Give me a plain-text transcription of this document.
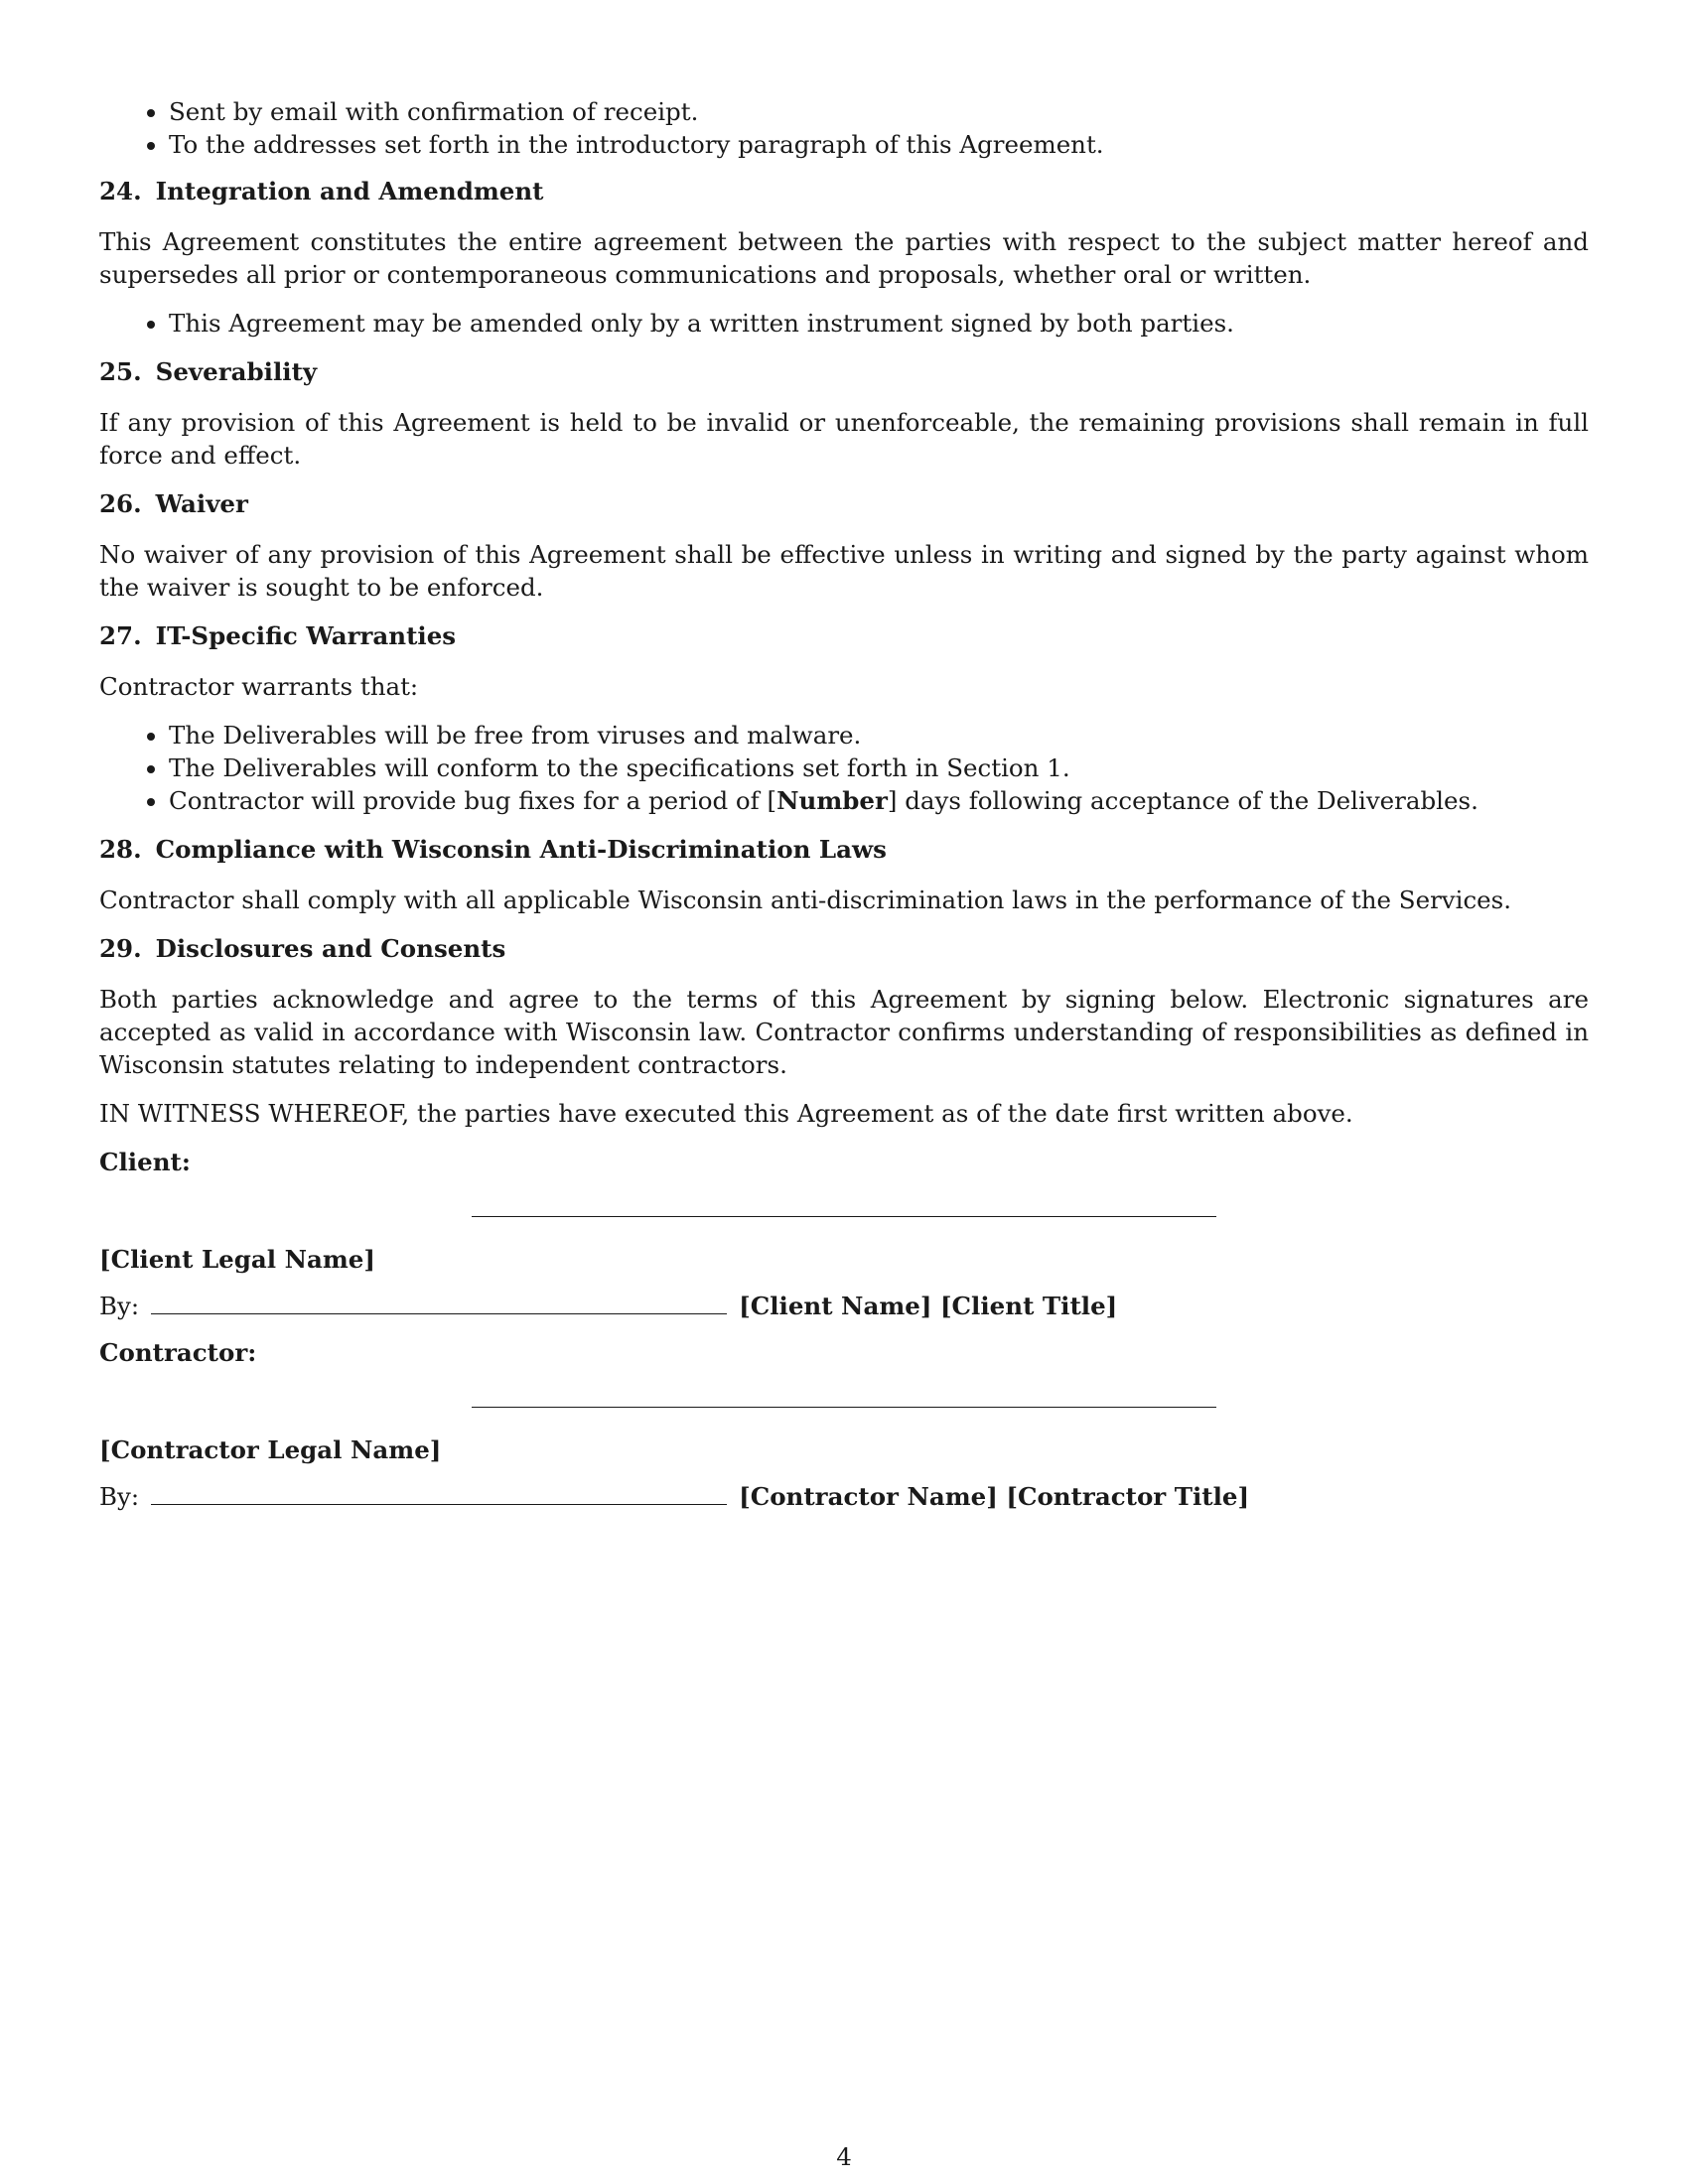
• Sent by email with confirmation of receipt.
• To the addresses set forth in the introductory paragraph of this Agreement.
24. Integration and Amendment

This Agreement constitutes the entire agreement between the parties with respect to the subject matter hereof and supersedes all prior or contemporaneous communications and proposals, whether oral or written.

• This Agreement may be amended only by a written instrument signed by both parties.
25. Severability

If any provision of this Agreement is held to be invalid or unenforceable, the remaining provisions shall remain in full force and effect.

26. Waiver

No waiver of any provision of this Agreement shall be effective unless in writing and signed by the party against whom the waiver is sought to be enforced.

27. IT-Specific Warranties

Contractor warrants that:

• The Deliverables will be free from viruses and malware.
• The Deliverables will conform to the specifications set forth in Section 1.
• Contractor will provide bug fixes for a period of [Number] days following acceptance of the Deliverables.
28. Compliance with Wisconsin Anti-Discrimination Laws

Contractor shall comply with all applicable Wisconsin anti-discrimination laws in the performance of the Services.

29. Disclosures and Consents

Both parties acknowledge and agree to the terms of this Agreement by signing below. Electronic signatures are accepted as valid in accordance with Wisconsin law. Contractor confirms understanding of responsibilities as defined in Wisconsin statutes relating to independent contractors.

IN WITNESS WHEREOF, the parties have executed this Agreement as of the date first written above.

Client:
[Client Legal Name]
By:	[Client Name] [Client Title]
Contractor:
[Contractor Legal Name]
By:	[Contractor Name] [Contractor Title]
4
